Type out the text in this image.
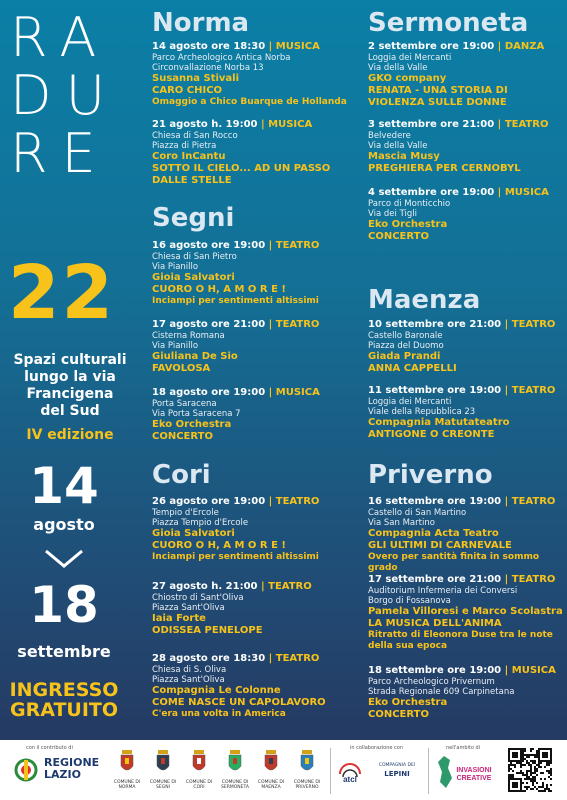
RA
DU
RE
22
Spazi culturali
lungo la via
Francigena
del Sud
IV edizione
14
agosto
18
settembre
INGRESSO
GRATUITO
Norma
14 agosto ore 18:30 | MUSICA
Parco Archeologico Antica Norba
Circonvallazione Norba 13
Susanna Stivali
CARO CHICO
Omaggio a Chico Buarque de Hollanda
21 agosto h. 19:00 | MUSICA
Chiesa di San Rocco
Piazza di Pietra
Coro InCantu
SOTTO IL CIELO... AD UN PASSO
DALLE STELLE
Segni
16 agosto ore 19:00 | TEATRO
Chiesa di San Pietro
Via Pianillo
Gioia Salvatori
CUORO O H, A M O R E !
Inciampi per sentimenti altissimi
17 agosto ore 21:00 | TEATRO
Cisterna Romana
Via Pianillo
Giuliana De Sio
FAVOLOSA
18 agosto ore 19:00 | MUSICA
Porta Saracena
Via Porta Saracena 7
Eko Orchestra
CONCERTO
Cori
26 agosto ore 19:00 | TEATRO
Tempio d'Ercole
Piazza Tempio d'Ercole
Gioia Salvatori
CUORO O H, A M O R E !
Inciampi per sentimenti altissimi
27 agosto h. 21:00 | TEATRO
Chiostro di Sant'Oliva
Piazza Sant'Oliva
Iaia Forte
ODISSEA PENELOPE
28 agosto ore 18:30 | TEATRO
Chiesa di S. Oliva
Piazza Sant'Oliva
Compagnia Le Colonne
COME NASCE UN CAPOLAVORO
C'era una volta in America
Sermoneta
2 settembre ore 19:00 | DANZA
Loggia dei Mercanti
Via della Valle
GKO company
RENATA - UNA STORIA DI
VIOLENZA SULLE DONNE
3 settembre ore 21:00 | TEATRO
Belvedere
Via della Valle
Mascia Musy
PREGHIERA PER CERNOBYL
4 settembre ore 19:00 | MUSICA
Parco di Monticchio
Via dei Tigli
Eko Orchestra
CONCERTO
Maenza
10 settembre ore 21:00 | TEATRO
Castello Baronale
Piazza del Duomo
Giada Prandi
ANNA CAPPELLI
11 settembre ore 19:00 | TEATRO
Loggia dei Mercanti
Viale della Repubblica 23
Compagnia Matutateatro
ANTIGONE O CREONTE
Priverno
16 settembre ore 19:00 | TEATRO
Castello di San Martino
Via San Martino
Compagnia Acta Teatro
GLI ULTIMI DI CARNEVALE
Overo per santità finita in sommo grado
17 settembre ore 21:00 | TEATRO
Auditorium Infermeria dei Conversi
Borgo di Fossanova
Pamela Villoresi e Marco Scolastra
LA MUSICA DELL'ANIMA
Ritratto di Eleonora Duse tra le note
della sua epoca
18 settembre ore 19:00 | MUSICA
Parco Archeologico Privernum
Strada Regionale 609 Carpinetana
Eko Orchestra
CONCERTO
con il contributo di
REGIONE
LAZIO
COMUNE DI
NORMA
COMUNE DI
SEGNI
COMUNE DI
CORI
COMUNE DI
SERMONETA
COMUNE DI
MAENZA
COMUNE DI
PRIVERNO
in collaborazione con
atcl
COMPAGNIA DEI
LEPINI
nell'ambito di
INVASIONI
CREATIVE
